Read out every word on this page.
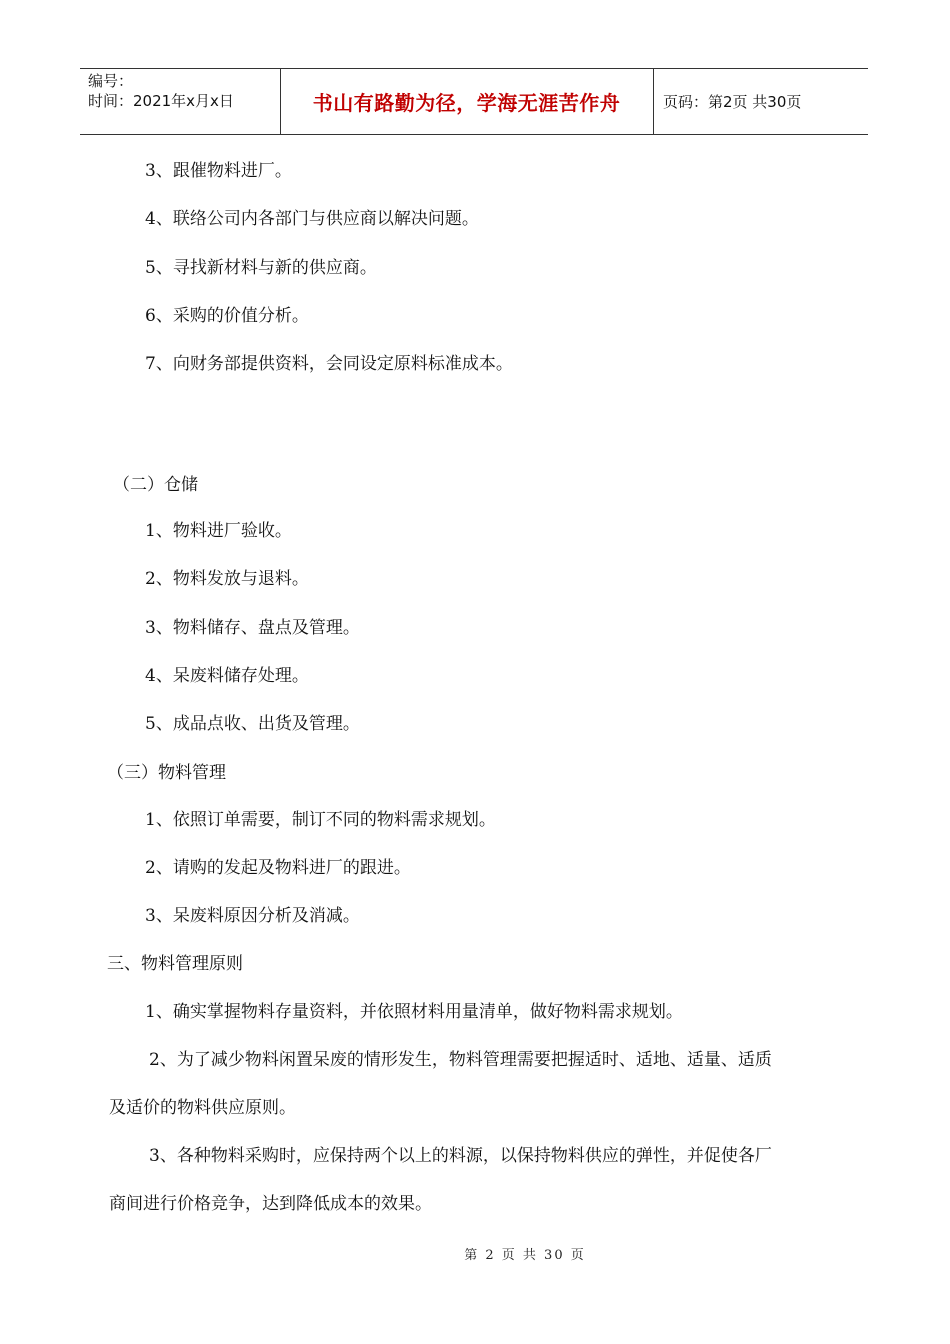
编号：
时间：2021年x月x日	书山有路勤为径，学海无涯苦作舟	页码：第2页 共30页
3、跟催物料进厂。
4、联络公司内各部门与供应商以解决问题。
5、寻找新材料与新的供应商。
6、采购的价值分析。
7、向财务部提供资料，会同设定原料标准成本。
（二）仓储
1、物料进厂验收。
2、物料发放与退料。
3、物料储存、盘点及管理。
4、呆废料储存处理。
5、成品点收、出货及管理。
（三）物料管理
1、依照订单需要，制订不同的物料需求规划。
2、请购的发起及物料进厂的跟进。
3、呆废料原因分析及消减。
三、物料管理原则
1、确实掌握物料存量资料，并依照材料用量清单，做好物料需求规划。
2、为了减少物料闲置呆废的情形发生，物料管理需要把握适时、适地、适量、适质
及适价的物料供应原则。
3、各种物料采购时，应保持两个以上的料源，以保持物料供应的弹性，并促使各厂
商间进行价格竞争，达到降低成本的效果。
第 2 页 共 30 页
